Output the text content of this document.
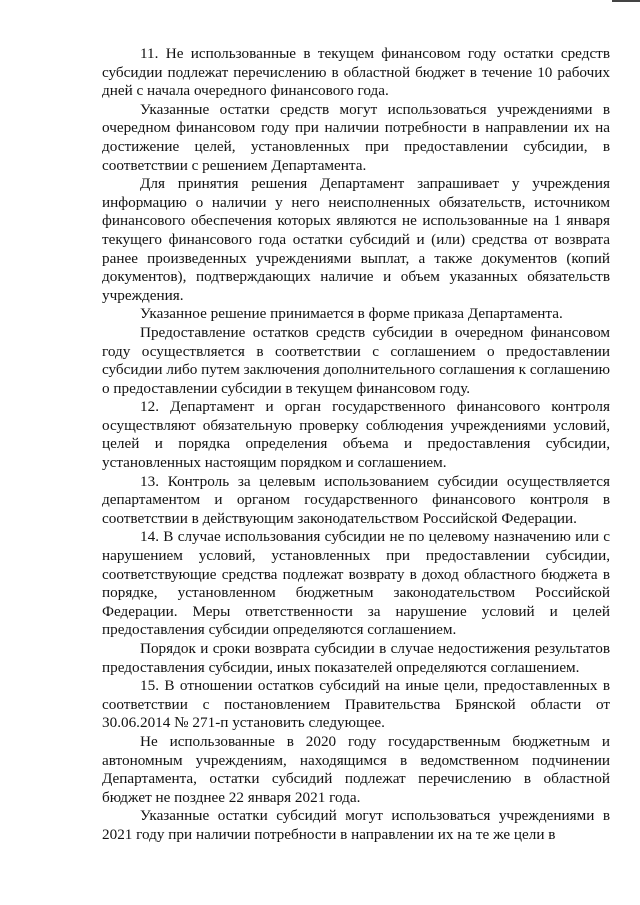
11. Не использованные в текущем финансовом году остатки средств субсидии подлежат перечислению в областной бюджет в течение 10 рабочих дней с начала очередного финансового года.

Указанные остатки средств могут использоваться учреждениями в очередном финансовом году при наличии потребности в направлении их на достижение целей, установленных при предоставлении субсидии, в соответствии с решением Департамента.

Для принятия решения Департамент запрашивает у учреждения информацию о наличии у него неисполненных обязательств, источником финансового обеспечения которых являются не использованные на 1 января текущего финансового года остатки субсидий и (или) средства от возврата ранее произведенных учреждениями выплат, а также документов (копий документов), подтверждающих наличие и объем указанных обязательств учреждения.

Указанное решение принимается в форме приказа Департамента.

Предоставление остатков средств субсидии в очередном финансовом году осуществляется в соответствии с соглашением о предоставлении субсидии либо путем заключения дополнительного соглашения к соглашению о предоставлении субсидии в текущем финансовом году.

12. Департамент и орган государственного финансового контроля осуществляют обязательную проверку соблюдения учреждениями условий, целей и порядка определения объема и предоставления субсидии, установленных настоящим порядком и соглашением.

13. Контроль за целевым использованием субсидии осуществляется департаментом и органом государственного финансового контроля в соответствии в действующим законодательством Российской Федерации.

14. В случае использования субсидии не по целевому назначению или с нарушением условий, установленных при предоставлении субсидии, соответствующие средства подлежат возврату в доход областного бюджета в порядке, установленном бюджетным законодательством Российской Федерации. Меры ответственности за нарушение условий и целей предоставления субсидии определяются соглашением.

Порядок и сроки возврата субсидии в случае недостижения результатов предоставления субсидии, иных показателей определяются соглашением.

15. В отношении остатков субсидий на иные цели, предоставленных в соответствии с постановлением Правительства Брянской области от 30.06.2014 № 271-п установить следующее.

Не использованные в 2020 году государственным бюджетным и автономным учреждениям, находящимся в ведомственном подчинении Департамента, остатки субсидий подлежат перечислению в областной бюджет не позднее 22 января 2021 года.

Указанные остатки субсидий могут использоваться учреждениями в 2021 году при наличии потребности в направлении их на те же цели в
